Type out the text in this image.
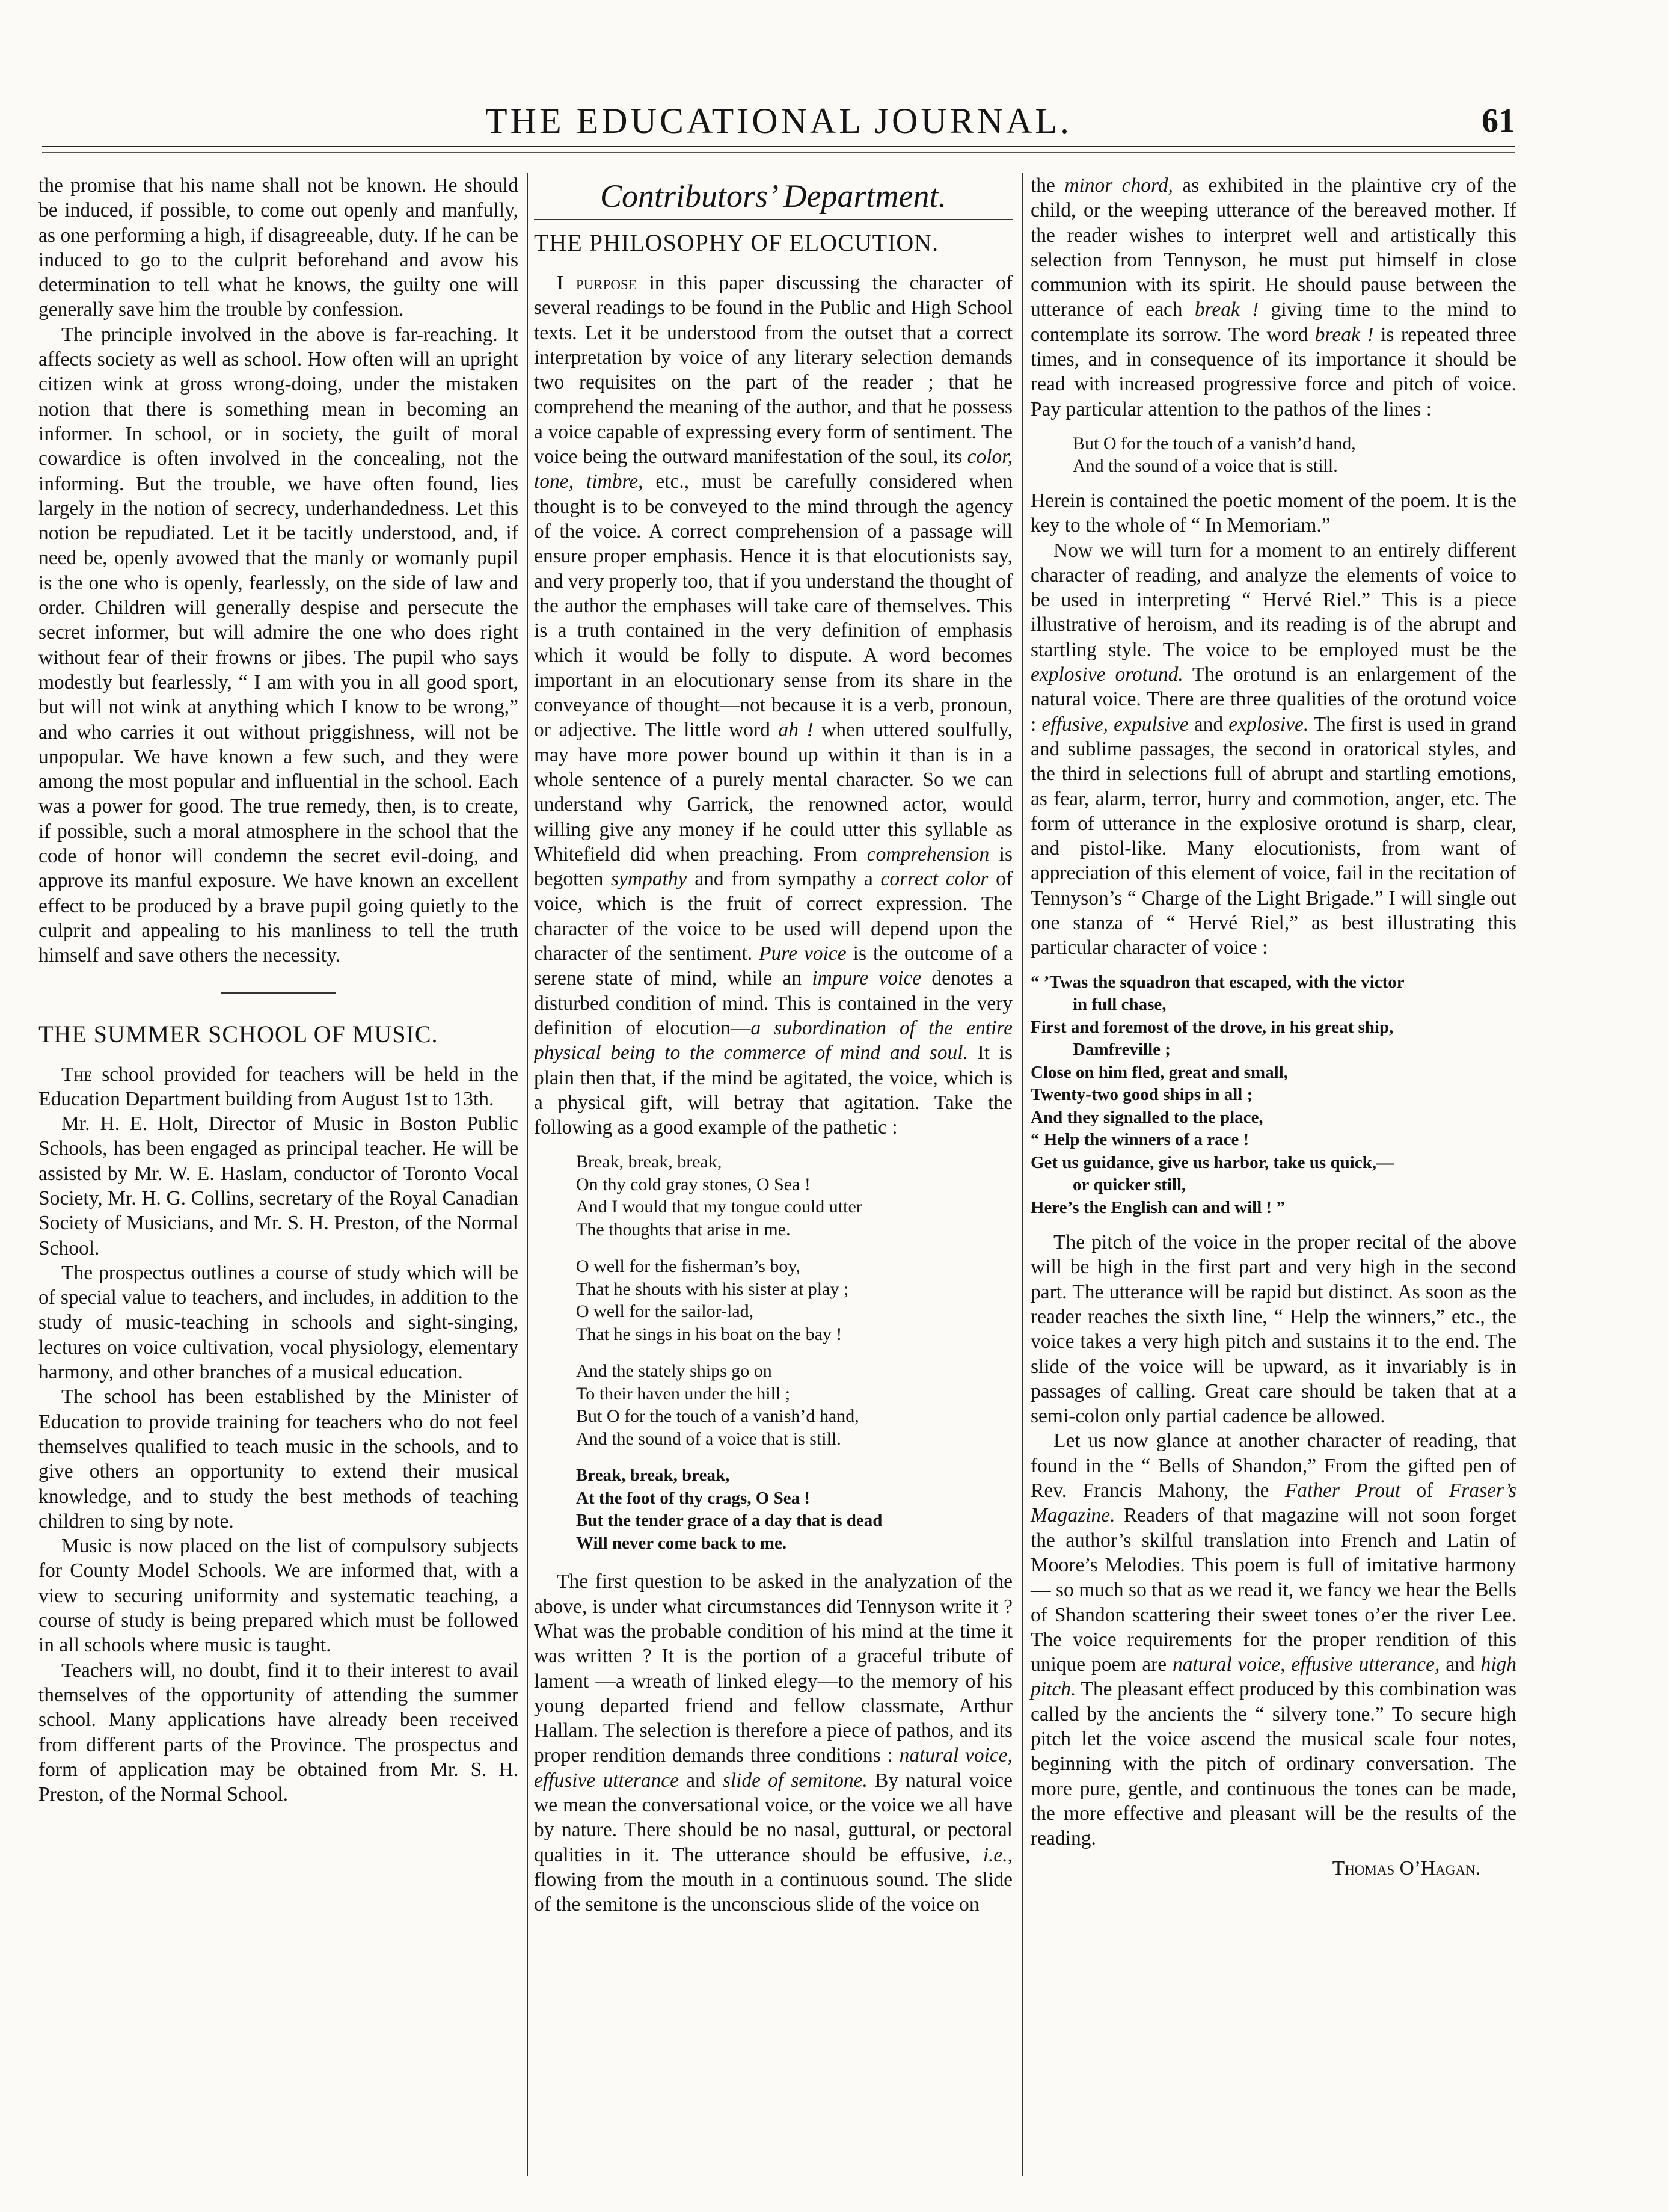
THE EDUCATIONAL JOURNAL.	61

the promise that his name shall not be known. He should be induced, if possible, to come out openly and manfully, as one performing a high, if disagreeable, duty. If he can be induced to go to the culprit beforehand and avow his determination to tell what he knows, the guilty one will generally save him the trouble by confession.

The principle involved in the above is far-reaching. It affects society as well as school. How often will an upright citizen wink at gross wrong-doing, under the mistaken notion that there is something mean in becoming an informer. In school, or in society, the guilt of moral cowardice is often involved in the concealing, not the informing. But the trouble, we have often found, lies largely in the notion of secrecy, underhandedness. Let this notion be repudiated. Let it be tacitly understood, and, if need be, openly avowed that the manly or womanly pupil is the one who is openly, fearlessly, on the side of law and order. Children will generally despise and persecute the secret informer, but will admire the one who does right without fear of their frowns or jibes. The pupil who says modestly but fearlessly, “ I am with you in all good sport, but will not wink at anything which I know to be wrong,” and who carries it out without priggishness, will not be unpopular. We have known a few such, and they were among the most popular and influential in the school. Each was a power for good. The true remedy, then, is to create, if possible, such a moral atmosphere in the school that the code of honor will condemn the secret evil-doing, and approve its manful exposure. We have known an excellent effect to be produced by a brave pupil going quietly to the culprit and appealing to his manliness to tell the truth himself and save others the necessity.

THE SUMMER SCHOOL OF MUSIC.

The school provided for teachers will be held in the Education Department building from August 1st to 13th.

Mr. H. E. Holt, Director of Music in Boston Public Schools, has been engaged as principal teacher. He will be assisted by Mr. W. E. Haslam, conductor of Toronto Vocal Society, Mr. H. G. Collins, secretary of the Royal Canadian Society of Musicians, and Mr. S. H. Preston, of the Normal School.

The prospectus outlines a course of study which will be of special value to teachers, and includes, in addition to the study of music-teaching in schools and sight-singing, lectures on voice cultivation, vocal physiology, elementary harmony, and other branches of a musical education.

The school has been established by the Minister of Education to provide training for teachers who do not feel themselves qualified to teach music in the schools, and to give others an opportunity to extend their musical knowledge, and to study the best methods of teaching children to sing by note.

Music is now placed on the list of compulsory subjects for County Model Schools. We are informed that, with a view to securing uniformity and systematic teaching, a course of study is being prepared which must be followed in all schools where music is taught.

Teachers will, no doubt, find it to their interest to avail themselves of the opportunity of attending the summer school. Many applications have already been received from different parts of the Province. The prospectus and form of application may be obtained from Mr. S. H. Preston, of the Normal School.

Contributors’ Department.
THE PHILOSOPHY OF ELOCUTION.

I purpose in this paper discussing the character of several readings to be found in the Public and High School texts. Let it be understood from the outset that a correct interpretation by voice of any literary selection demands two requisites on the part of the reader ; that he comprehend the meaning of the author, and that he possess a voice capable of expressing every form of sentiment. The voice being the outward manifestation of the soul, its color, tone, timbre, etc., must be carefully considered when thought is to be conveyed to the mind through the agency of the voice. A correct comprehension of a passage will ensure proper emphasis. Hence it is that elocutionists say, and very properly too, that if you understand the thought of the author the emphases will take care of themselves. This is a truth contained in the very definition of emphasis which it would be folly to dispute. A word becomes important in an elocutionary sense from its share in the conveyance of thought—not because it is a verb, pronoun, or adjective. The little word ah ! when uttered soulfully, may have more power bound up within it than is in a whole sentence of a purely mental character. So we can understand why Garrick, the renowned actor, would willing give any money if he could utter this syllable as Whitefield did when preaching. From comprehension is begotten sympathy and from sympathy a correct color of voice, which is the fruit of correct expression. The character of the voice to be used will depend upon the character of the sentiment. Pure voice is the outcome of a serene state of mind, while an impure voice denotes a disturbed condition of mind. This is contained in the very definition of elocution—a subordination of the entire physical being to the commerce of mind and soul. It is plain then that, if the mind be agitated, the voice, which is a physical gift, will betray that agitation. Take the following as a good example of the pathetic :

Break, break, break,
On thy cold gray stones, O Sea !
And I would that my tongue could utter
The thoughts that arise in me.
O well for the fisherman’s boy,
That he shouts with his sister at play ;
O well for the sailor-lad,
That he sings in his boat on the bay !
And the stately ships go on
To their haven under the hill ;
But O for the touch of a vanish’d hand,
And the sound of a voice that is still.
Break, break, break,
At the foot of thy crags, O Sea !
But the tender grace of a day that is dead
Will never come back to me.

The first question to be asked in the analyzation of the above, is under what circumstances did Tennyson write it ? What was the probable condition of his mind at the time it was written ? It is the portion of a graceful tribute of lament —a wreath of linked elegy—to the memory of his young departed friend and fellow classmate, Arthur Hallam. The selection is therefore a piece of pathos, and its proper rendition demands three conditions : natural voice, effusive utterance and slide of semitone. By natural voice we mean the conversational voice, or the voice we all have by nature. There should be no nasal, guttural, or pectoral qualities in it. The utterance should be effusive, i.e., flowing from the mouth in a continuous sound. The slide of the semitone is the unconscious slide of the voice on

the minor chord, as exhibited in the plaintive cry of the child, or the weeping utterance of the bereaved mother. If the reader wishes to interpret well and artistically this selection from Tennyson, he must put himself in close communion with its spirit. He should pause between the utterance of each break ! giving time to the mind to contemplate its sorrow. The word break ! is repeated three times, and in consequence of its importance it should be read with increased progressive force and pitch of voice. Pay particular attention to the pathos of the lines :

But O for the touch of a vanish’d hand,
And the sound of a voice that is still.

Herein is contained the poetic moment of the poem. It is the key to the whole of “ In Memoriam.”

Now we will turn for a moment to an entirely different character of reading, and analyze the elements of voice to be used in interpreting “ Hervé Riel.” This is a piece illustrative of heroism, and its reading is of the abrupt and startling style. The voice to be employed must be the explosive orotund. The orotund is an enlargement of the natural voice. There are three qualities of the orotund voice : effusive, expulsive and explosive. The first is used in grand and sublime passages, the second in oratorical styles, and the third in selections full of abrupt and startling emotions, as fear, alarm, terror, hurry and commotion, anger, etc. The form of utterance in the explosive orotund is sharp, clear, and pistol-like. Many elocutionists, from want of appreciation of this element of voice, fail in the recitation of Tennyson’s “ Charge of the Light Brigade.” I will single out one stanza of “ Hervé Riel,” as best illustrating this particular character of voice :

“ ’Twas the squadron that escaped, with the victor
in full chase,
First and foremost of the drove, in his great ship,
Damfreville ;
Close on him fled, great and small,
Twenty-two good ships in all ;
And they signalled to the place,
“ Help the winners of a race !
Get us guidance, give us harbor, take us quick,—
or quicker still,
Here’s the English can and will ! ”

The pitch of the voice in the proper recital of the above will be high in the first part and very high in the second part. The utterance will be rapid but distinct. As soon as the reader reaches the sixth line, “ Help the winners,” etc., the voice takes a very high pitch and sustains it to the end. The slide of the voice will be upward, as it invariably is in passages of calling. Great care should be taken that at a semi-colon only partial cadence be allowed.

Let us now glance at another character of reading, that found in the “ Bells of Shandon,” From the gifted pen of Rev. Francis Mahony, the Father Prout of Fraser’s Magazine. Readers of that magazine will not soon forget the author’s skilful translation into French and Latin of Moore’s Melodies. This poem is full of imitative harmony — so much so that as we read it, we fancy we hear the Bells of Shandon scattering their sweet tones o’er the river Lee. The voice requirements for the proper rendition of this unique poem are natural voice, effusive utterance, and high pitch. The pleasant effect produced by this combination was called by the ancients the “ silvery tone.” To secure high pitch let the voice ascend the musical scale four notes, beginning with the pitch of ordinary conversation. The more pure, gentle, and continuous the tones can be made, the more effective and pleasant will be the results of the reading.

Thomas O’Hagan.
